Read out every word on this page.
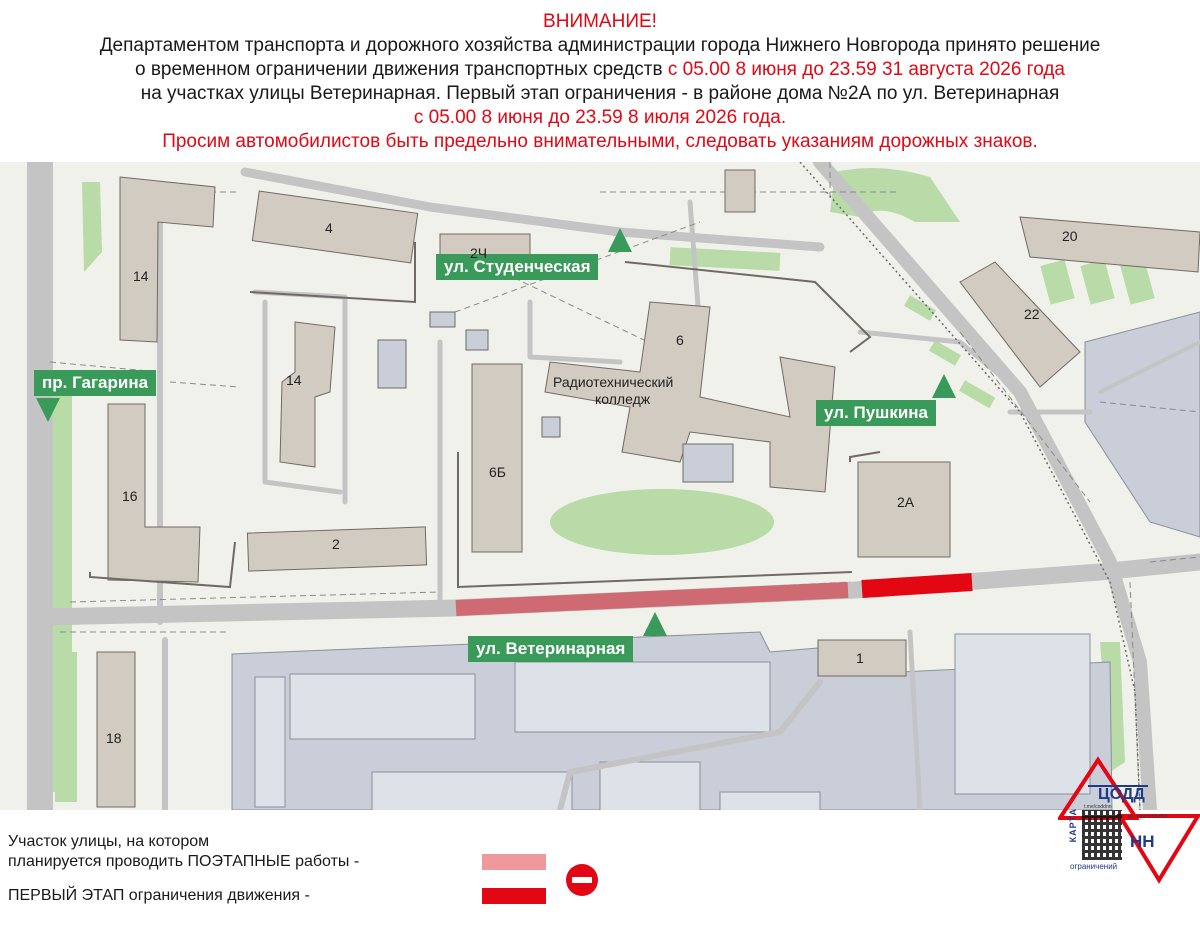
ВНИМАНИЕ!
Департаментом транспорта и дорожного хозяйства администрации города Нижнего Новгорода принято решение
о временном ограничении движения транспортных средств с 05.00 8 июня до 23.59 31 августа 2026 года
на участках улицы Ветеринарная. Первый этап ограничения - в районе дома №2А по ул. Ветеринарная
с 05.00 8 июня до 23.59 8 июля 2026 года.
Просим автомобилистов быть предельно внимательными, следовать указаниям дорожных знаков.
ул. Студенческая
пр. Гагарина
ул. Пушкина
ул. Ветеринарная
14
4
2Ч
20
22
6
Радиотехнический
колледж
14
6Б
16
2
2А
1
18
Участок улицы, на котором
планируется проводить ПОЭТАПНЫЕ работы -
ПЕРВЫЙ ЭТАП ограничения движения -
ЦОДД
t.me/coddnn
vk.com/coddnn52
КАРТА	НН
ограничений
